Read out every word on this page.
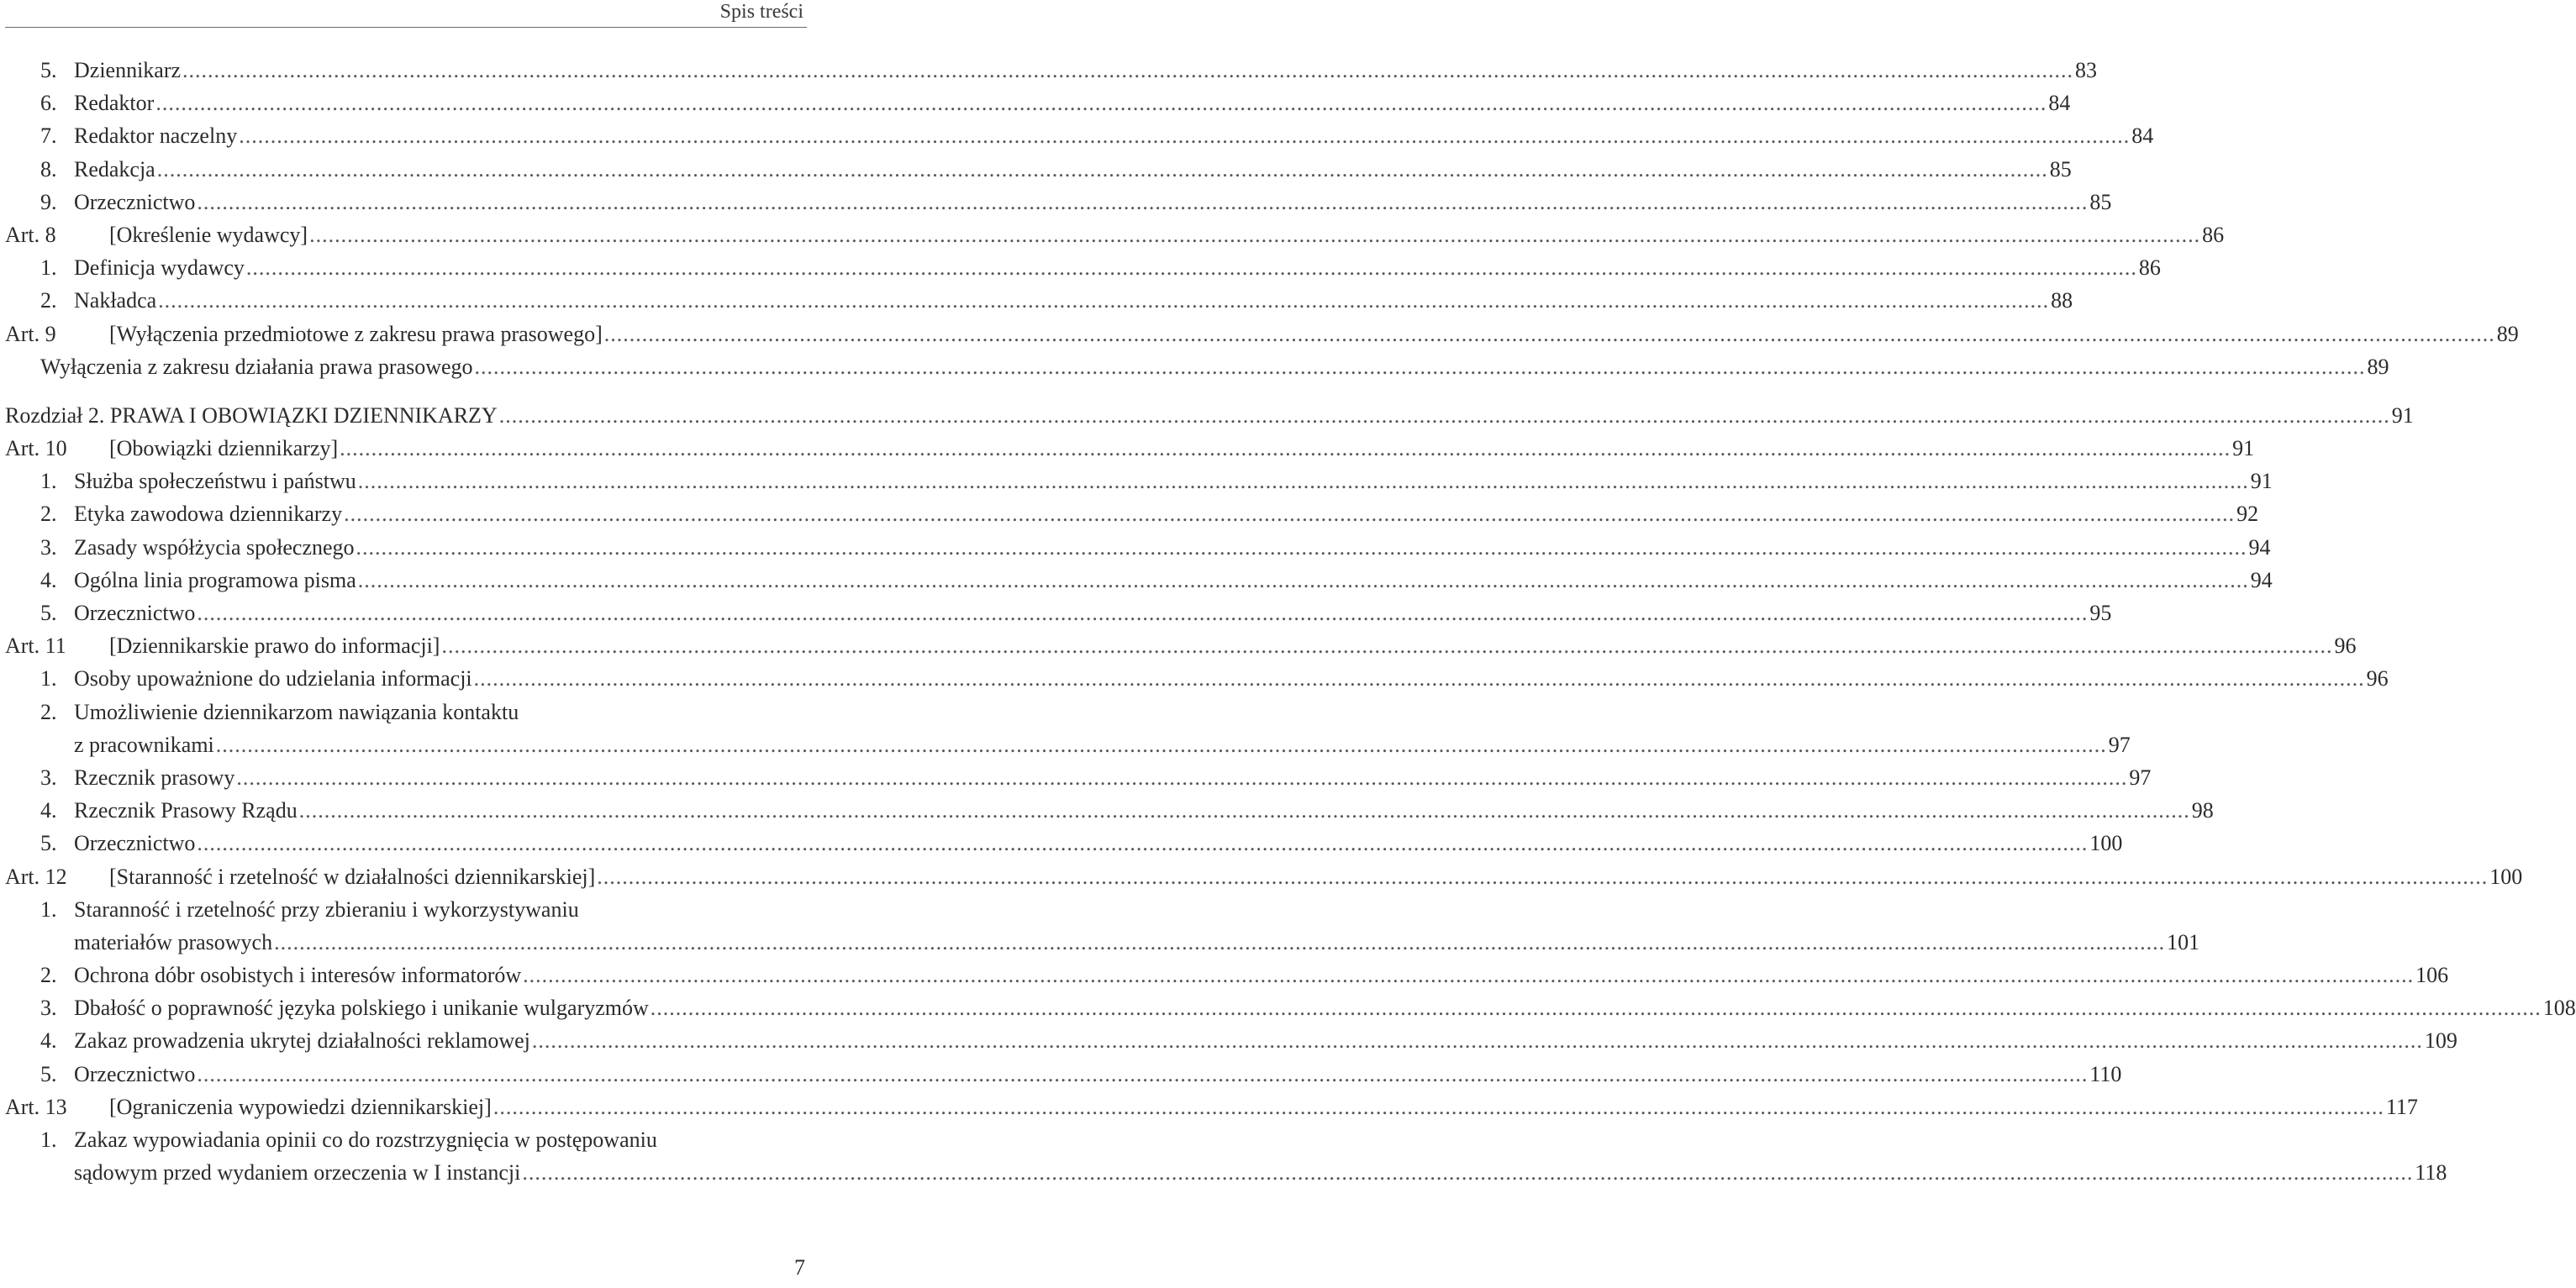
Spis treści
5. Dziennikarz ............................................................................................................................................................................................................................................................................................................ 83
6. Redaktor ............................................................................................................................................................................................................................................................................................................ 84
7. Redaktor naczelny ............................................................................................................................................................................................................................................................................................................ 84
8. Redakcja ............................................................................................................................................................................................................................................................................................................ 85
9. Orzecznictwo ............................................................................................................................................................................................................................................................................................................ 85
Art. 8 [Określenie wydawcy] ............................................................................................................................................................................................................................................................................................................ 86
1. Definicja wydawcy ............................................................................................................................................................................................................................................................................................................ 86
2. Nakładca ............................................................................................................................................................................................................................................................................................................ 88
Art. 9 [Wyłączenia przedmiotowe z zakresu prawa prasowego] ............................................................................................................................................................................................................................................................................................................ 89
Wyłączenia z zakresu działania prawa prasowego ............................................................................................................................................................................................................................................................................................................ 89
Rozdział 2. PRAWA I OBOWIĄZKI DZIENNIKARZY ............................................................................................................................................................................................................................................................................................................ 91
Art. 10 [Obowiązki dziennikarzy] ............................................................................................................................................................................................................................................................................................................ 91
1. Służba społeczeństwu i państwu ............................................................................................................................................................................................................................................................................................................ 91
2. Etyka zawodowa dziennikarzy ............................................................................................................................................................................................................................................................................................................ 92
3. Zasady współżycia społecznego ............................................................................................................................................................................................................................................................................................................ 94
4. Ogólna linia programowa pisma ............................................................................................................................................................................................................................................................................................................ 94
5. Orzecznictwo ............................................................................................................................................................................................................................................................................................................ 95
Art. 11 [Dziennikarskie prawo do informacji] ............................................................................................................................................................................................................................................................................................................ 96
1. Osoby upoważnione do udzielania informacji ............................................................................................................................................................................................................................................................................................................ 96
2. Umożliwienie dziennikarzom nawiązania kontaktu
z pracownikami ............................................................................................................................................................................................................................................................................................................ 97
3. Rzecznik prasowy ............................................................................................................................................................................................................................................................................................................ 97
4. Rzecznik Prasowy Rządu ............................................................................................................................................................................................................................................................................................................ 98
5. Orzecznictwo ............................................................................................................................................................................................................................................................................................................ 100
Art. 12 [Staranność i rzetelność w działalności dziennikarskiej] ............................................................................................................................................................................................................................................................................................................ 100
1. Staranność i rzetelność przy zbieraniu i wykorzystywaniu
materiałów prasowych ............................................................................................................................................................................................................................................................................................................ 101
2. Ochrona dóbr osobistych i interesów informatorów ............................................................................................................................................................................................................................................................................................................ 106
3. Dbałość o poprawność języka polskiego i unikanie wulgaryzmów ............................................................................................................................................................................................................................................................................................................ 108
4. Zakaz prowadzenia ukrytej działalności reklamowej ............................................................................................................................................................................................................................................................................................................ 109
5. Orzecznictwo ............................................................................................................................................................................................................................................................................................................ 110
Art. 13 [Ograniczenia wypowiedzi dziennikarskiej] ............................................................................................................................................................................................................................................................................................................ 117
1. Zakaz wypowiadania opinii co do rozstrzygnięcia w postępowaniu
sądowym przed wydaniem orzeczenia w I instancji ............................................................................................................................................................................................................................................................................................................ 118
7
